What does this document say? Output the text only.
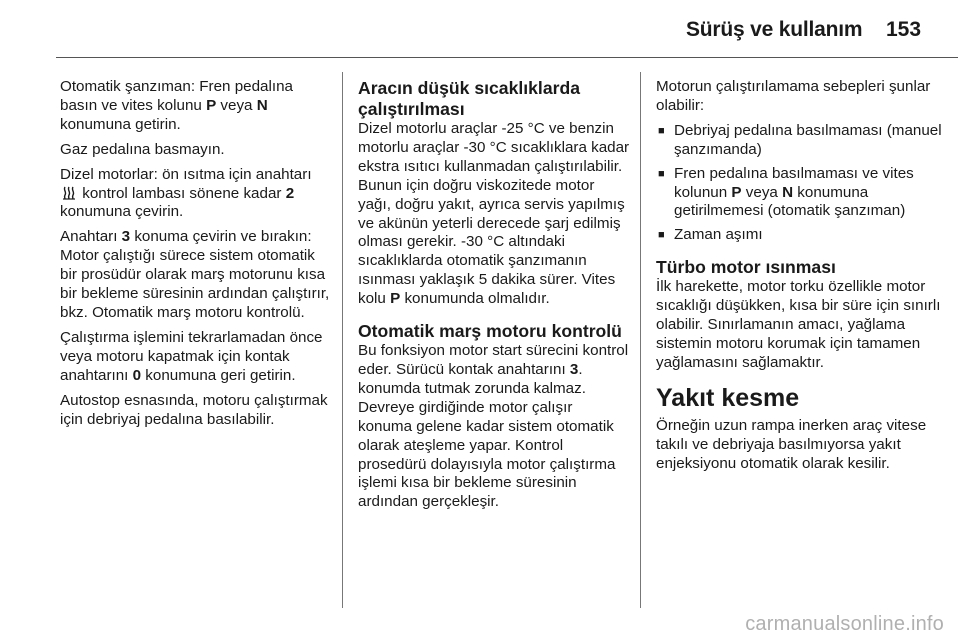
Sürüş ve kullanım 153

Otomatik şanzıman: Fren pedalına basın ve vites kolunu P veya N konumuna getirin.

Gaz pedalına basmayın.

Dizel motorlar: ön ısıtma için anahtarı  kontrol lambası sönene kadar 2 konumuna çevirin.

Anahtarı 3 konuma çevirin ve bırakın: Motor çalıştığı sürece sistem otomatik bir prosüdür olarak marş motorunu kısa bir bekleme süresinin ardından çalıştırır, bkz. Otomatik marş motoru kontrolü.

Çalıştırma işlemini tekrarlamadan önce veya motoru kapatmak için kontak anahtarını 0 konumuna geri getirin.

Autostop esnasında, motoru çalıştırmak için debriyaj pedalına basılabilir.

Aracın düşük sıcaklıklarda çalıştırılması

Dizel motorlu araçlar -25 °C ve benzin motorlu araçlar -30 °C sıcaklıklara kadar ekstra ısıtıcı kullanmadan çalıştırılabilir. Bunun için doğru viskozitede motor yağı, doğru yakıt, ayrıca servis yapılmış ve akünün yeterli derecede şarj edilmiş olması gerekir. -30 °C altındaki sıcaklıklarda otomatik şanzımanın ısınması yaklaşık 5 dakika sürer. Vites kolu P konumunda olmalıdır.

Otomatik marş motoru kontrolü

Bu fonksiyon motor start sürecini kontrol eder. Sürücü kontak anahtarını 3. konumda tutmak zorunda kalmaz. Devreye girdiğinde motor çalışır konuma gelene kadar sistem otomatik olarak ateşleme yapar. Kontrol prosedürü dolayısıyla motor çalıştırma işlemi kısa bir bekleme süresinin ardından gerçekleşir.

Motorun çalıştırılamama sebepleri şunlar olabilir:

■ Debriyaj pedalına basılmaması (manuel şanzımanda)
■ Fren pedalına basılmaması ve vites kolunun P veya N konumuna getirilmemesi (otomatik şanzıman)
■ Zaman aşımı
Türbo motor ısınması

İlk harekette, motor torku özellikle motor sıcaklığı düşükken, kısa bir süre için sınırlı olabilir. Sınırlamanın amacı, yağlama sistemin motoru korumak için tamamen yağlamasını sağlamaktır.

Yakıt kesme

Örneğin uzun rampa inerken araç vitese takılı ve debriyaja basılmıyorsa yakıt enjeksiyonu otomatik olarak kesilir.

carmanualsonline.info
